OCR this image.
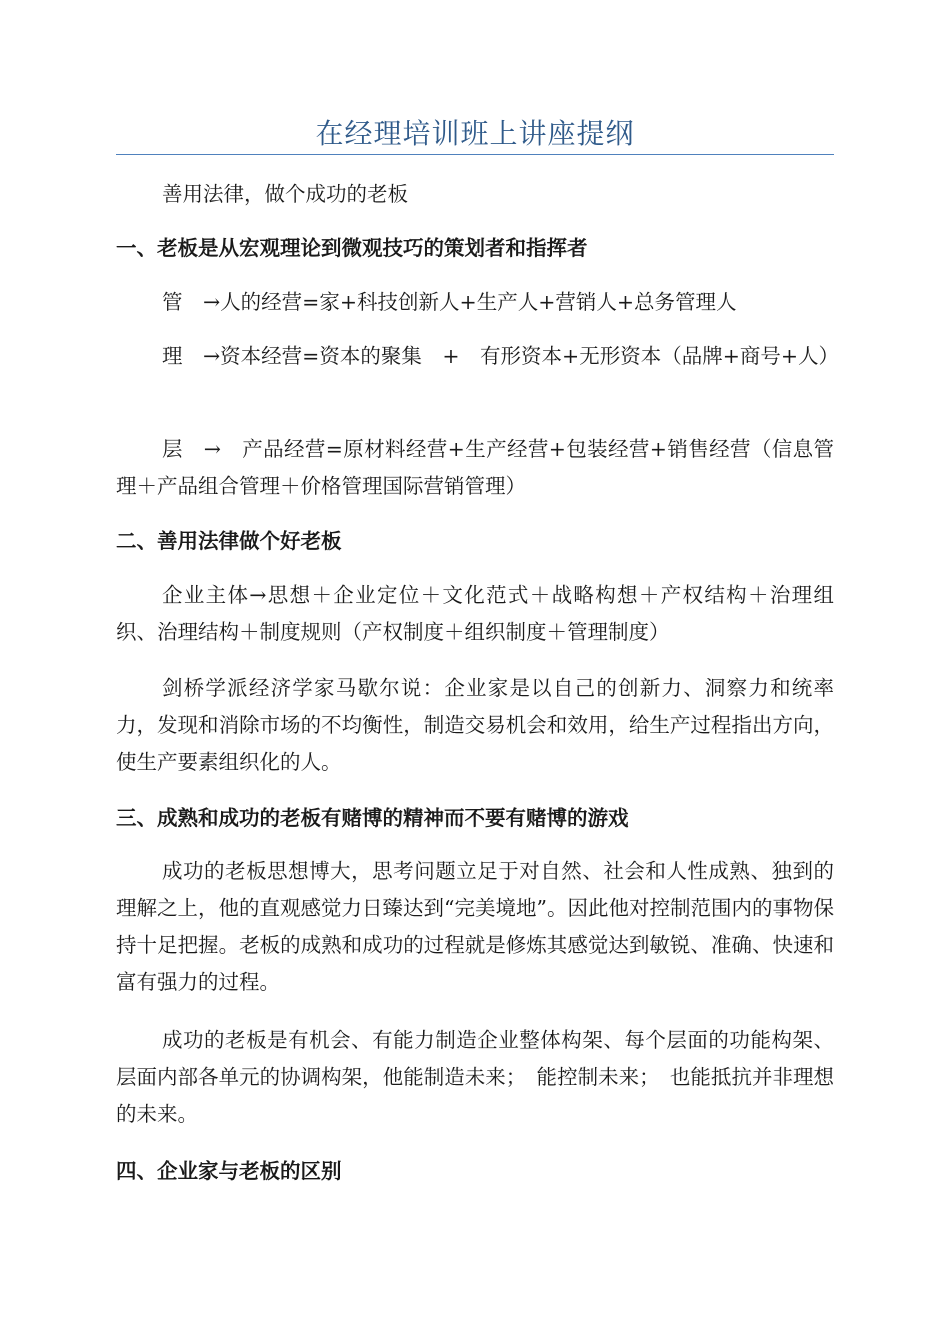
在经理培训班上讲座提纲

善用法律，做个成功的老板

一、老板是从宏观理论到微观技巧的策划者和指挥者

管　→人的经营=家+科技创新人+生产人+营销人+总务管理人

理　→资本经营=资本的聚集　+　有形资本+无形资本（品牌+商号+人）

层　→　产品经营=原材料经营+生产经营+包装经营+销售经营（信息管理＋产品组合管理＋价格管理国际营销管理）

二、善用法律做个好老板

企业主体→思想＋企业定位＋文化范式＋战略构想＋产权结构＋治理组织、治理结构＋制度规则（产权制度＋组织制度＋管理制度）

剑桥学派经济学家马歇尔说：企业家是以自己的创新力、洞察力和统率力，发现和消除市场的不均衡性，制造交易机会和效用，给生产过程指出方向，使生产要素组织化的人。

三、成熟和成功的老板有赌博的精神而不要有赌博的游戏

成功的老板思想博大，思考问题立足于对自然、社会和人性成熟、独到的理解之上，他的直观感觉力日臻达到“完美境地”。因此他对控制范围内的事物保持十足把握。老板的成熟和成功的过程就是修炼其感觉达到敏锐、准确、快速和富有强力的过程。

成功的老板是有机会、有能力制造企业整体构架、每个层面的功能构架、层面内部各单元的协调构架，他能制造未来；　能控制未来；　也能抵抗并非理想的未来。

四、企业家与老板的区别
